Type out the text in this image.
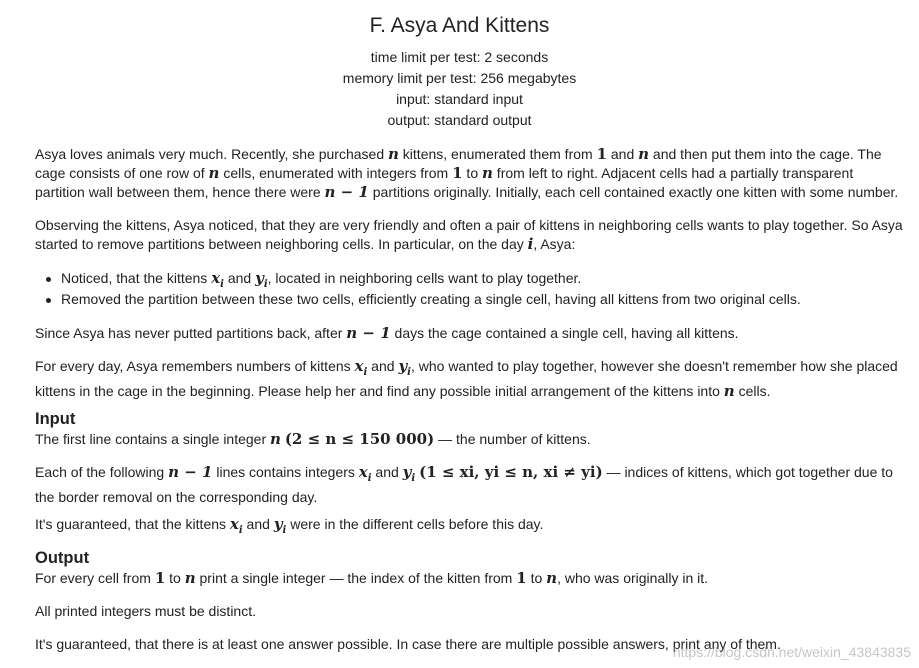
F. Asya And Kittens
time limit per test: 2 seconds
memory limit per test: 256 megabytes
input: standard input
output: standard output
Asya loves animals very much. Recently, she purchased n kittens, enumerated them from 1 and n and then put them into the cage. The cage consists of one row of n cells, enumerated with integers from 1 to n from left to right. Adjacent cells had a partially transparent partition wall between them, hence there were n − 1 partitions originally. Initially, each cell contained exactly one kitten with some number.
Observing the kittens, Asya noticed, that they are very friendly and often a pair of kittens in neighboring cells wants to play together. So Asya started to remove partitions between neighboring cells. In particular, on the day i, Asya:
Noticed, that the kittens $x_i$ and $y_i$, located in neighboring cells want to play together.
Removed the partition between these two cells, efficiently creating a single cell, having all kittens from two original cells.
Since Asya has never putted partitions back, after n − 1 days the cage contained a single cell, having all kittens.
For every day, Asya remembers numbers of kittens $x_i$ and $y_i$, who wanted to play together, however she doesn't remember how she placed kittens in the cage in the beginning. Please help her and find any possible initial arrangement of the kittens into n cells.
Input
The first line contains a single integer n (2 ≤ n ≤ 150 000) — the number of kittens.
Each of the following n − 1 lines contains integers $x_i$ and $y_i$ (1 ≤ xi, yi ≤ n, xi ≠ yi) — indices of kittens, which got together due to the border removal on the corresponding day.
It's guaranteed, that the kittens $x_i$ and $y_i$ were in the different cells before this day.
Output
For every cell from 1 to n print a single integer — the index of the kitten from 1 to n, who was originally in it.
All printed integers must be distinct.
It's guaranteed, that there is at least one answer possible. In case there are multiple possible answers, print any of them.
https://blog.csdn.net/weixin_43843835
